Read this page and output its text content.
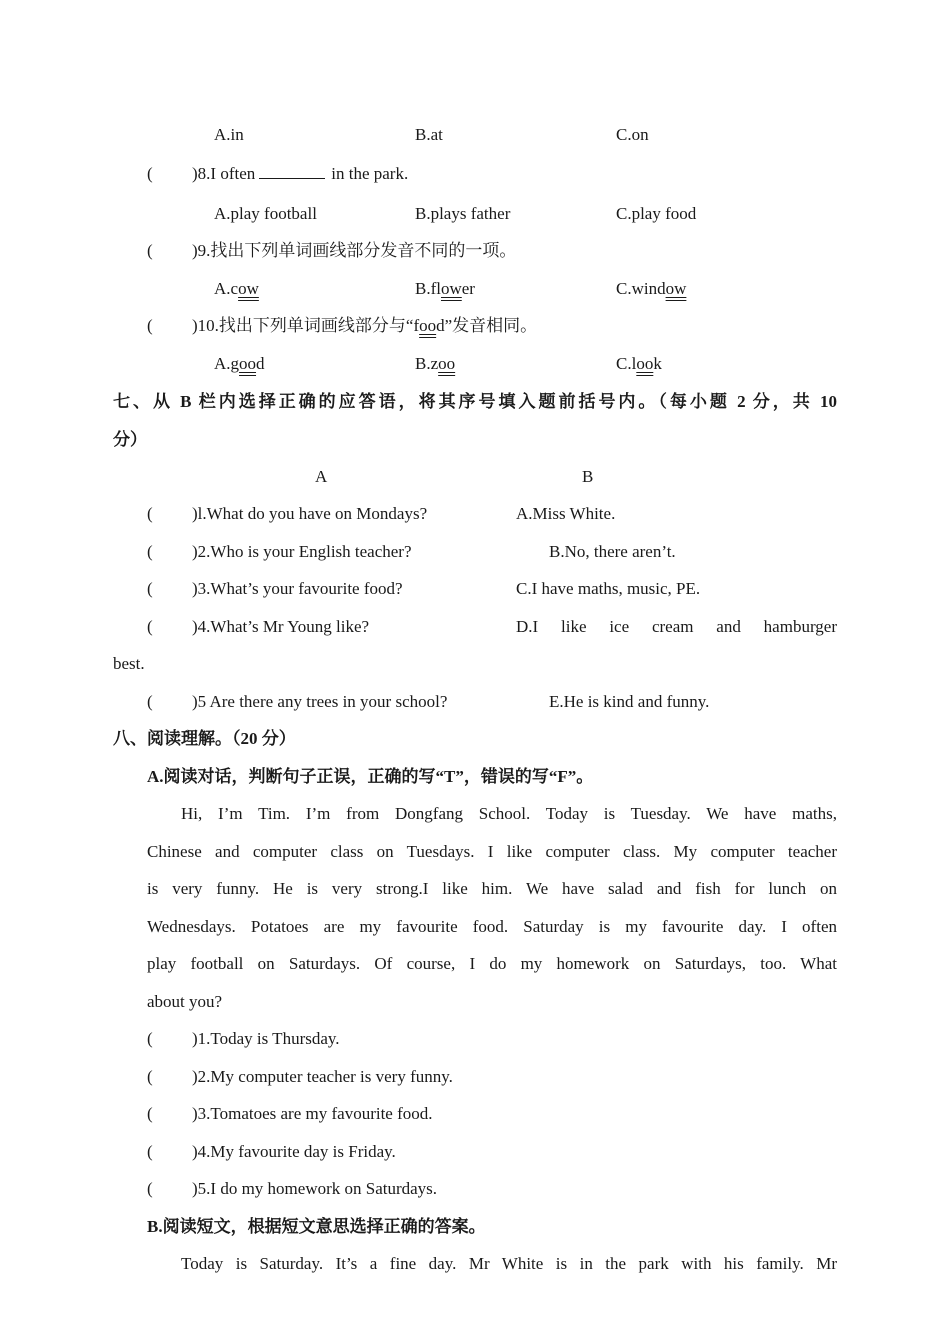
A.in	B.at	C.on
( )8.I often	in the park.
A.play football	B.plays father	C.play food
( )9.找出下列单词画线部分发音不同的一项。
A.cow	B.flower	C.window
( )10.找出下列单词画线部分与“food”发音相同。
A.good	B.zoo	C.look
七、从 B 栏内选择正确的应答语，将其序号填入题前括号内。（每小题 2 分，共 10
分）
A	B
( )l.What do you have on Mondays?	A.Miss White.
( )2.Who is your English teacher?	B.No, there aren’t.
( )3.What’s your favourite food?	C.I have maths, music, PE.
( )4.What’s Mr Young like?	D.I like ice cream and hamburger
best.
( )5 Are there any trees in your school?	E.He is kind and funny.
八、阅读理解。（20 分）
A.阅读对话，判断句子正误，正确的写“T”，错误的写“F”。
Hi, I’m Tim. I’m from Dongfang School. Today is Tuesday. We have maths,
Chinese and computer class on Tuesdays. I like computer class. My computer teacher
is very funny. He is very strong.I like him. We have salad and fish for lunch on
Wednesdays. Potatoes are my favourite food. Saturday is my favourite day. I often
play football on Saturdays. Of course, I do my homework on Saturdays, too. What
about you?
( )1.Today is Thursday.
( )2.My computer teacher is very funny.
( )3.Tomatoes are my favourite food.
( )4.My favourite day is Friday.
( )5.I do my homework on Saturdays.
B.阅读短文，根据短文意思选择正确的答案。
Today is Saturday. It’s a fine day. Mr White is in the park with his family. Mr
